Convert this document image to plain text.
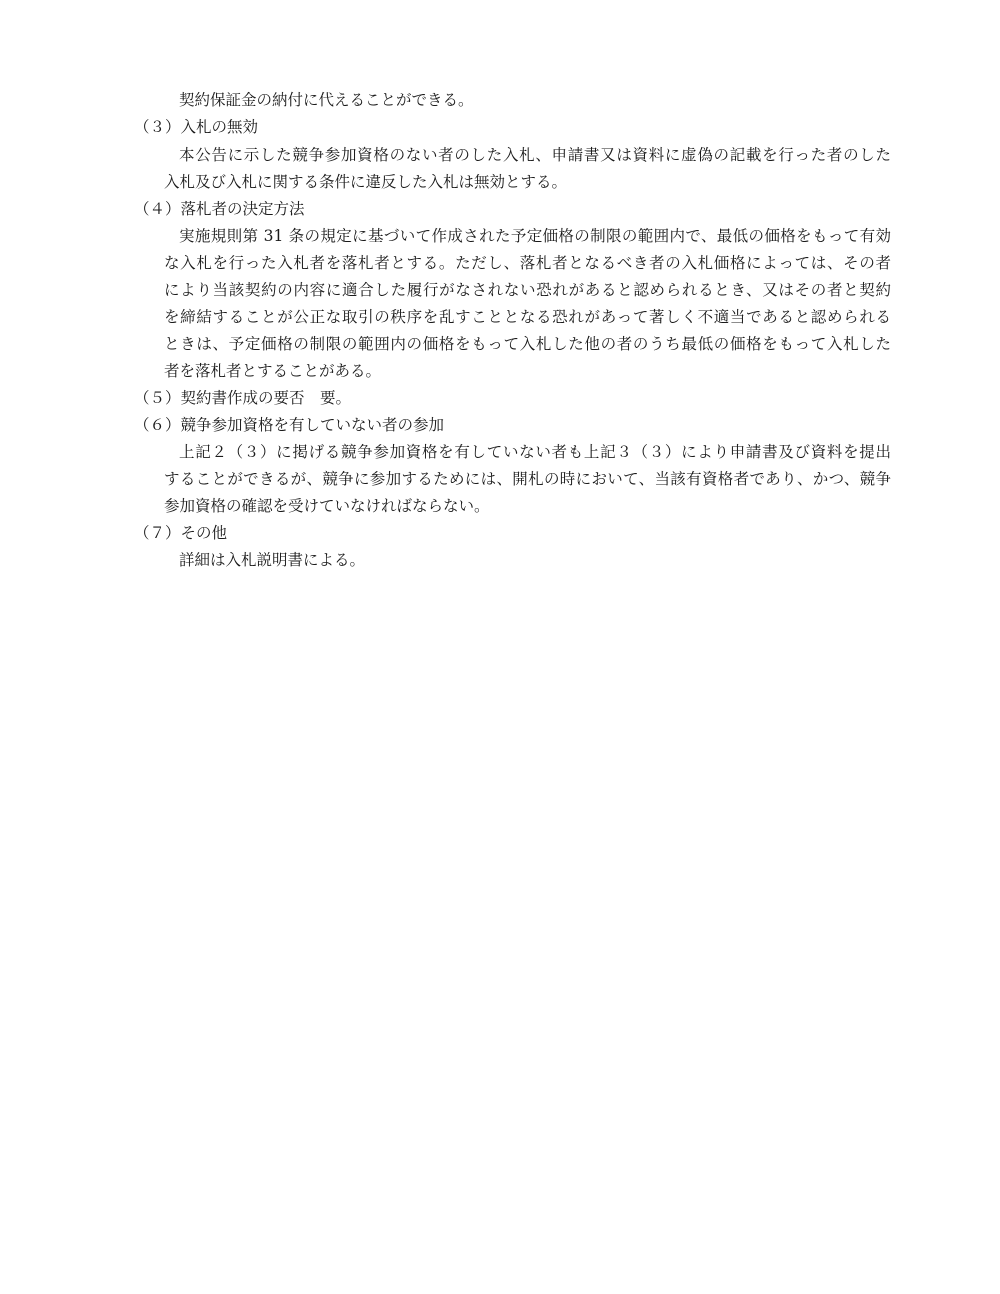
契約保証金の納付に代えることができる。
（３）入札の無効
本公告に示した競争参加資格のない者のした入札、申請書又は資料に虚偽の記載を行った者のした
入札及び入札に関する条件に違反した入札は無効とする。
（４）落札者の決定方法
実施規則第 31 条の規定に基づいて作成された予定価格の制限の範囲内で、最低の価格をもって有効
な入札を行った入札者を落札者とする。ただし、落札者となるべき者の入札価格によっては、その者
により当該契約の内容に適合した履行がなされない恐れがあると認められるとき、又はその者と契約
を締結することが公正な取引の秩序を乱すこととなる恐れがあって著しく不適当であると認められる
ときは、予定価格の制限の範囲内の価格をもって入札した他の者のうち最低の価格をもって入札した
者を落札者とすることがある。
（５）契約書作成の要否　要。
（６）競争参加資格を有していない者の参加
上記２（３）に掲げる競争参加資格を有していない者も上記３（３）により申請書及び資料を提出
することができるが、競争に参加するためには、開札の時において、当該有資格者であり、かつ、競争
参加資格の確認を受けていなければならない。
（７）その他
詳細は入札説明書による。
